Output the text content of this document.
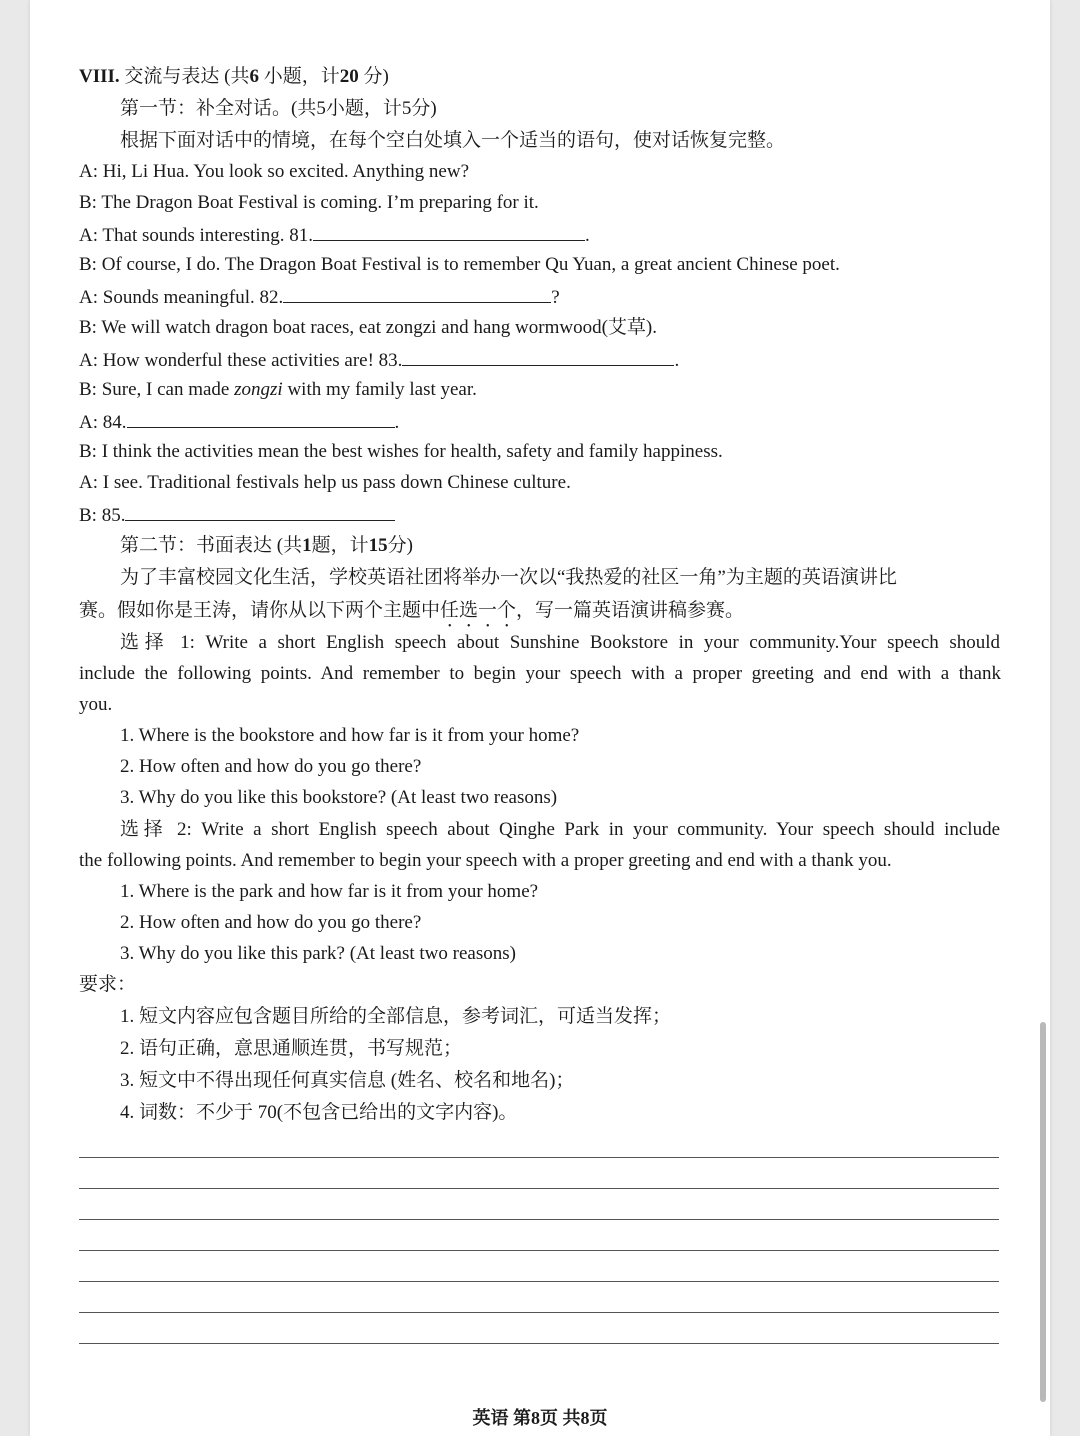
VIII. 交流与表达 (共6 小题，计20 分)
第一节：补全对话。(共5小题，计5分)
根据下面对话中的情境，在每个空白处填入一个适当的语句，使对话恢复完整。
A: Hi, Li Hua. You look so excited. Anything new?
B: The Dragon Boat Festival is coming. I’m preparing for it.
A: That sounds interesting. 81.	.
B: Of course, I do. The Dragon Boat Festival is to remember Qu Yuan, a great ancient Chinese poet.
A: Sounds meaningful. 82.	?
B: We will watch dragon boat races, eat zongzi and hang wormwood(艾草).
A: How wonderful these activities are! 83.	.
B: Sure, I can made zongzi with my family last year.
A: 84.	.
B: I think the activities mean the best wishes for health, safety and family happiness.
A: I see. Traditional festivals help us pass down Chinese culture.
B: 85.
第二节：书面表达 (共1题，计15分)
为了丰富校园文化生活，学校英语社团将举办一次以“我热爱的社区一角”为主题的英语演讲比
赛。假如你是王涛，请你从以下两个主题中任选一个，写一篇英语演讲稿参赛。
选择 1: Write a short English speech about Sunshine Bookstore in your community.Your speech should
include the following points. And remember to begin your speech with a proper greeting and end with a thank
you.
1. Where is the bookstore and how far is it from your home?
2. How often and how do you go there?
3. Why do you like this bookstore? (At least two reasons)
选择 2: Write a short English speech about Qinghe Park in your community. Your speech should include
the following points. And remember to begin your speech with a proper greeting and end with a thank you.
1. Where is the park and how far is it from your home?
2. How often and how do you go there?
3. Why do you like this park? (At least two reasons)
要求：
1. 短文内容应包含题目所给的全部信息，参考词汇，可适当发挥；
2. 语句正确，意思通顺连贯，书写规范；
3. 短文中不得出现任何真实信息 (姓名、校名和地名)；
4. 词数：不少于 70(不包含已给出的文字内容)。
英语 第8页 共8页
